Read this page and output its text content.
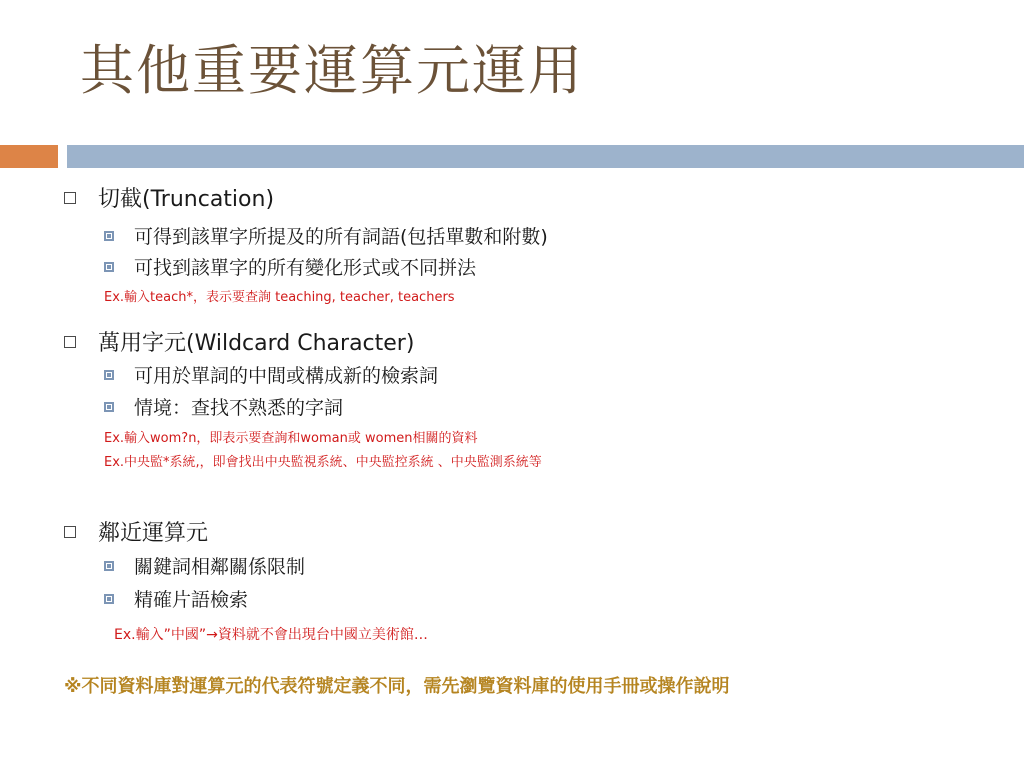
其他重要運算元運用
切截(Truncation)
可得到該單字所提及的所有詞語(包括單數和附數)
可找到該單字的所有變化形式或不同拼法
Ex.輸入teach*，表示要查詢 teaching, teacher, teachers
萬用字元(Wildcard Character)
可用於單詞的中間或構成新的檢索詞
情境：查找不熟悉的字詞
Ex.輸入wom?n，即表示要查詢和woman或 women相關的資料
Ex.中央監*系統,，即會找出中央監視系統、中央監控系統 、中央監測系統等
鄰近運算元
關鍵詞相鄰關係限制
精確片語檢索
Ex.輸入”中國”→資料就不會出現台中國立美術館…
※不同資料庫對運算元的代表符號定義不同，需先瀏覽資料庫的使用手冊或操作說明
